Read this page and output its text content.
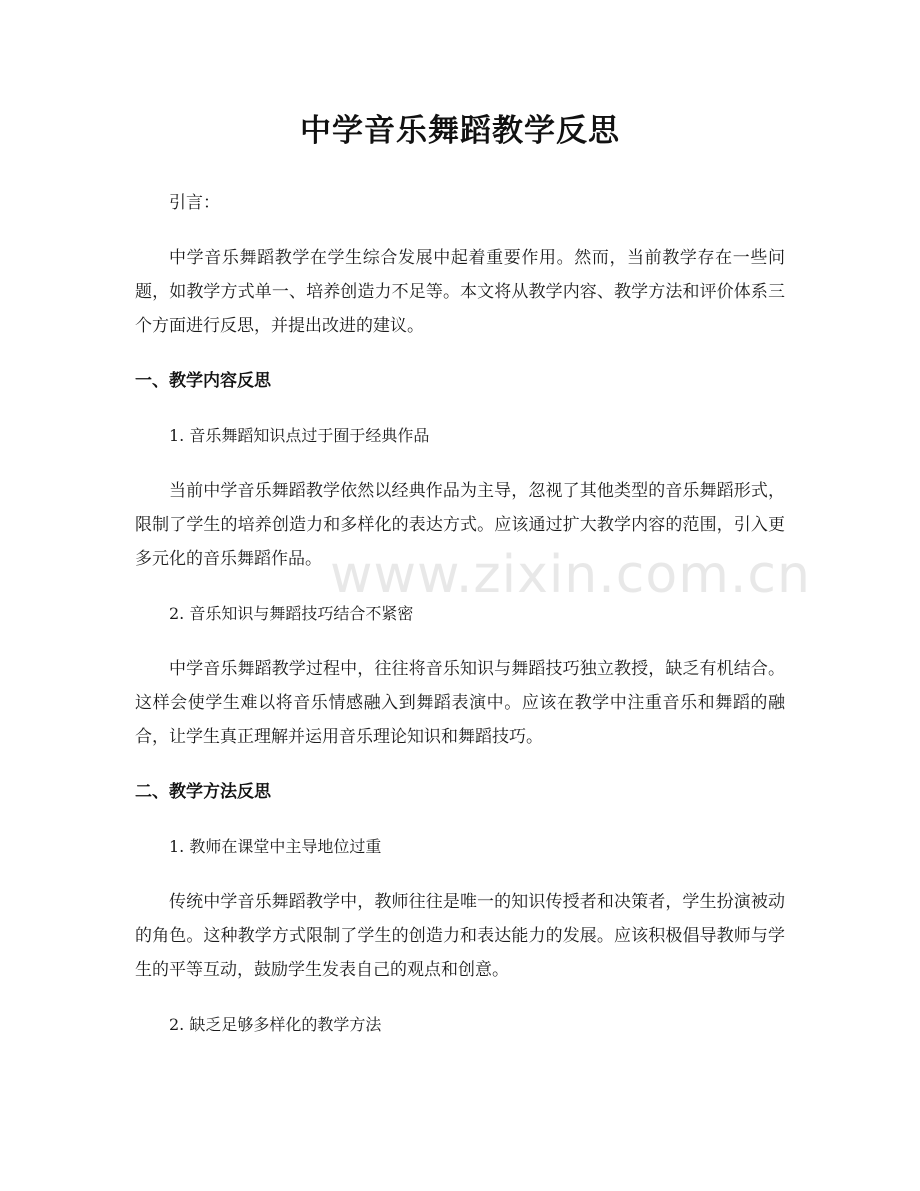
中学音乐舞蹈教学反思

引言：

中学音乐舞蹈教学在学生综合发展中起着重要作用。然而，当前教学存在一些问题，如教学方式单一、培养创造力不足等。本文将从教学内容、教学方法和评价体系三个方面进行反思，并提出改进的建议。

一、教学内容反思

1. 音乐舞蹈知识点过于囿于经典作品

当前中学音乐舞蹈教学依然以经典作品为主导，忽视了其他类型的音乐舞蹈形式，限制了学生的培养创造力和多样化的表达方式。应该通过扩大教学内容的范围，引入更多元化的音乐舞蹈作品。

2. 音乐知识与舞蹈技巧结合不紧密

中学音乐舞蹈教学过程中，往往将音乐知识与舞蹈技巧独立教授，缺乏有机结合。这样会使学生难以将音乐情感融入到舞蹈表演中。应该在教学中注重音乐和舞蹈的融合，让学生真正理解并运用音乐理论知识和舞蹈技巧。

二、教学方法反思

1. 教师在课堂中主导地位过重

传统中学音乐舞蹈教学中，教师往往是唯一的知识传授者和决策者，学生扮演被动的角色。这种教学方式限制了学生的创造力和表达能力的发展。应该积极倡导教师与学生的平等互动，鼓励学生发表自己的观点和创意。

2. 缺乏足够多样化的教学方法

www.zixin.com.cn
